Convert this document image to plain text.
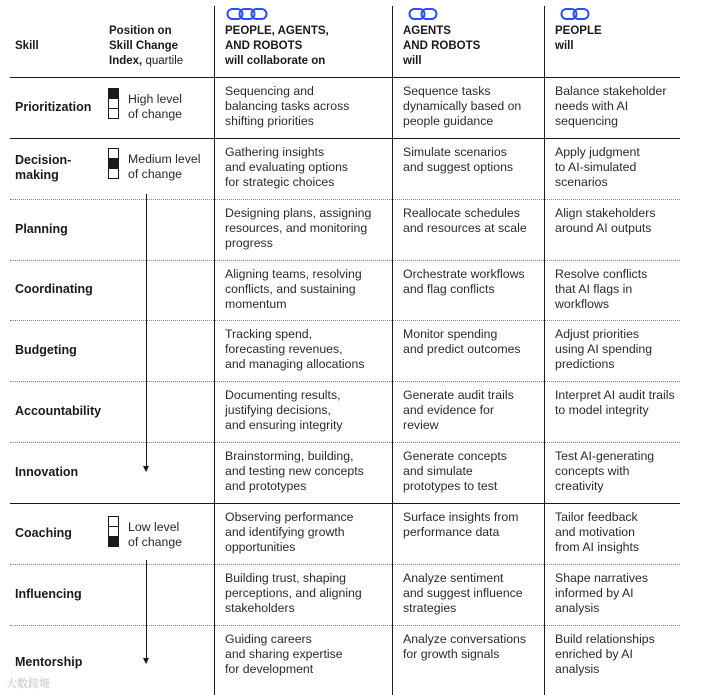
Skill
Position on
Skill Change
Index, quartile
PEOPLE, AGENTS,
AND ROBOTS
will collaborate on
AGENTS
AND ROBOTS
will
PEOPLE
will
High level
of change
Medium level
of change
Low level
of change
Prioritization
Sequencing and
balancing tasks across
shifting priorities
Sequence tasks
dynamically based on
people guidance
Balance stakeholder
needs with AI
sequencing
Decision-
making
Gathering insights
and evaluating options
for strategic choices
Simulate scenarios
and suggest options
Apply judgment
to AI-simulated
scenarios
Planning
Designing plans, assigning
resources, and monitoring
progress
Reallocate schedules
and resources at scale
Align stakeholders
around AI outputs
Coordinating
Aligning teams, resolving
conflicts, and sustaining
momentum
Orchestrate workflows
and flag conflicts
Resolve conflicts
that AI flags in
workflows
Budgeting
Tracking spend,
forecasting revenues,
and managing allocations
Monitor spending
and predict outcomes
Adjust priorities
using AI spending
predictions
Accountability
Documenting results,
justifying decisions,
and ensuring integrity
Generate audit trails
and evidence for
review
Interpret AI audit trails
to model integrity
Innovation
Brainstorming, building,
and testing new concepts
and prototypes
Generate concepts
and simulate
prototypes to test
Test AI-generating
concepts with
creativity
Coaching
Observing performance
and identifying growth
opportunities
Surface insights from
performance data
Tailor feedback
and motivation
from AI insights
Influencing
Building trust, shaping
perceptions, and aligning
stakeholders
Analyze sentiment
and suggest influence
strategies
Shape narratives
informed by AI
analysis
Mentorship
Guiding careers
and sharing expertise
for development
Analyze conversations
for growth signals
Build relationships
enriched by AI
analysis
大数跨境
